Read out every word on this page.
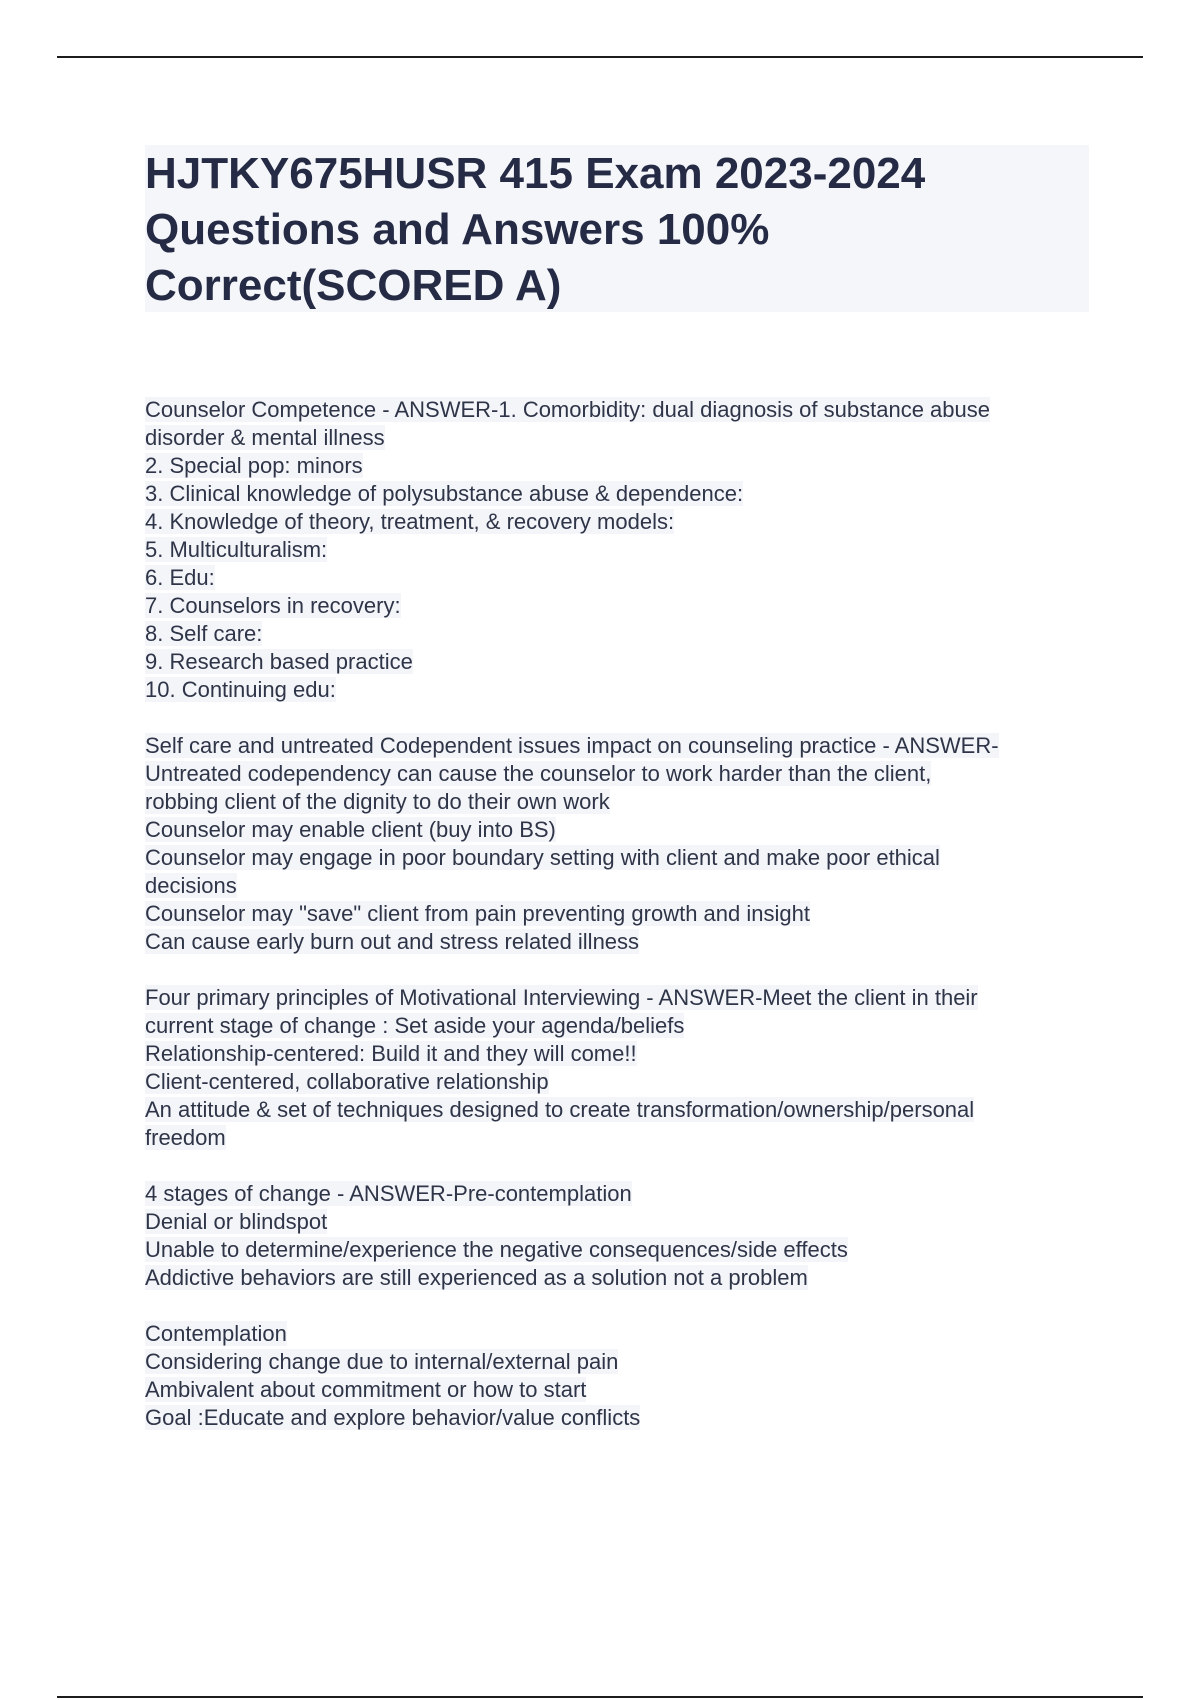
HJTKY675HUSR 415 Exam 2023-2024
Questions and Answers 100%
Correct(SCORED A)
Counselor Competence - ANSWER-1. Comorbidity: dual diagnosis of substance abuse
disorder & mental illness
2. Special pop: minors
3. Clinical knowledge of polysubstance abuse & dependence:
4. Knowledge of theory, treatment, & recovery models:
5. Multiculturalism:
6. Edu:
7. Counselors in recovery:
8. Self care:
9. Research based practice
10. Continuing edu:
Self care and untreated Codependent issues impact on counseling practice - ANSWER-
Untreated codependency can cause the counselor to work harder than the client,
robbing client of the dignity to do their own work
Counselor may enable client (buy into BS)
Counselor may engage in poor boundary setting with client and make poor ethical
decisions
Counselor may "save" client from pain preventing growth and insight
Can cause early burn out and stress related illness
Four primary principles of Motivational Interviewing - ANSWER-Meet the client in their
current stage of change : Set aside your agenda/beliefs
Relationship-centered: Build it and they will come!!
Client-centered, collaborative relationship
An attitude & set of techniques designed to create transformation/ownership/personal
freedom
4 stages of change - ANSWER-Pre-contemplation
Denial or blindspot
Unable to determine/experience the negative consequences/side effects
Addictive behaviors are still experienced as a solution not a problem
Contemplation
Considering change due to internal/external pain
Ambivalent about commitment or how to start
Goal :Educate and explore behavior/value conflicts
